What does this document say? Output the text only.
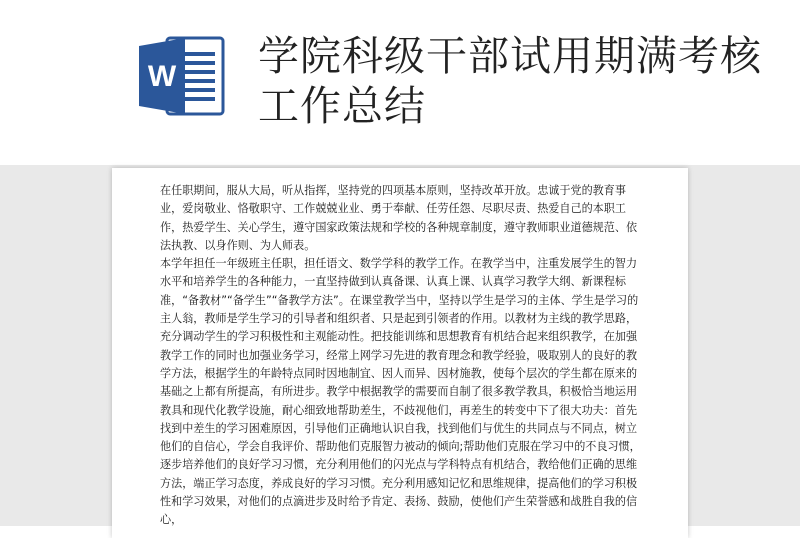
W 学院科级干部试用期满考核工作总结

在任职期间，服从大局，听从指挥，坚持党的四项基本原则，坚持改革开放。忠诚于党的教育事业，爱岗敬业、恪敬职守、工作兢兢业业、勇于奉献、任劳任怨、尽职尽责、热爱自己的本职工作，热爱学生、关心学生，遵守国家政策法规和学校的各种规章制度，遵守教师职业道德规范、依法执教、以身作则、为人师表。

本学年担任一年级班主任职，担任语文、数学学科的教学工作。在教学当中，注重发展学生的智力水平和培养学生的各种能力，一直坚持做到认真备课、认真上课、认真学习教学大纲、新课程标准，“备教材”“备学生”“备教学方法”。在课堂教学当中，坚持以学生是学习的主体、学生是学习的主人翁，教师是学生学习的引导者和组织者、只是起到引领者的作用。以教材为主线的教学思路，充分调动学生的学习积极性和主观能动性。把技能训练和思想教育有机结合起来组织教学，在加强教学工作的同时也加强业务学习，经常上网学习先进的教育理念和教学经验，吸取别人的良好的教学方法，根据学生的年龄特点同时因地制宜、因人而异、因材施教，使每个层次的学生都在原来的基础之上都有所提高，有所进步。教学中根据教学的需要而自制了很多教学教具，积极恰当地运用教具和现代化教学设施，耐心细致地帮助差生，不歧视他们，再差生的转变中下了很大功夫：首先找到中差生的学习困难原因，引导他们正确地认识自我，找到他们与优生的共同点与不同点，树立他们的自信心，学会自我评价、帮助他们克服智力被动的倾向;帮助他们克服在学习中的不良习惯，逐步培养他们的良好学习习惯，充分利用他们的闪光点与学科特点有机结合，教给他们正确的思维方法，端正学习态度，养成良好的学习习惯。充分利用感知记忆和思维规律，提高他们的学习积极性和学习效果，对他们的点滴进步及时给予肯定、表扬、鼓励，使他们产生荣誉感和战胜自我的信心，
